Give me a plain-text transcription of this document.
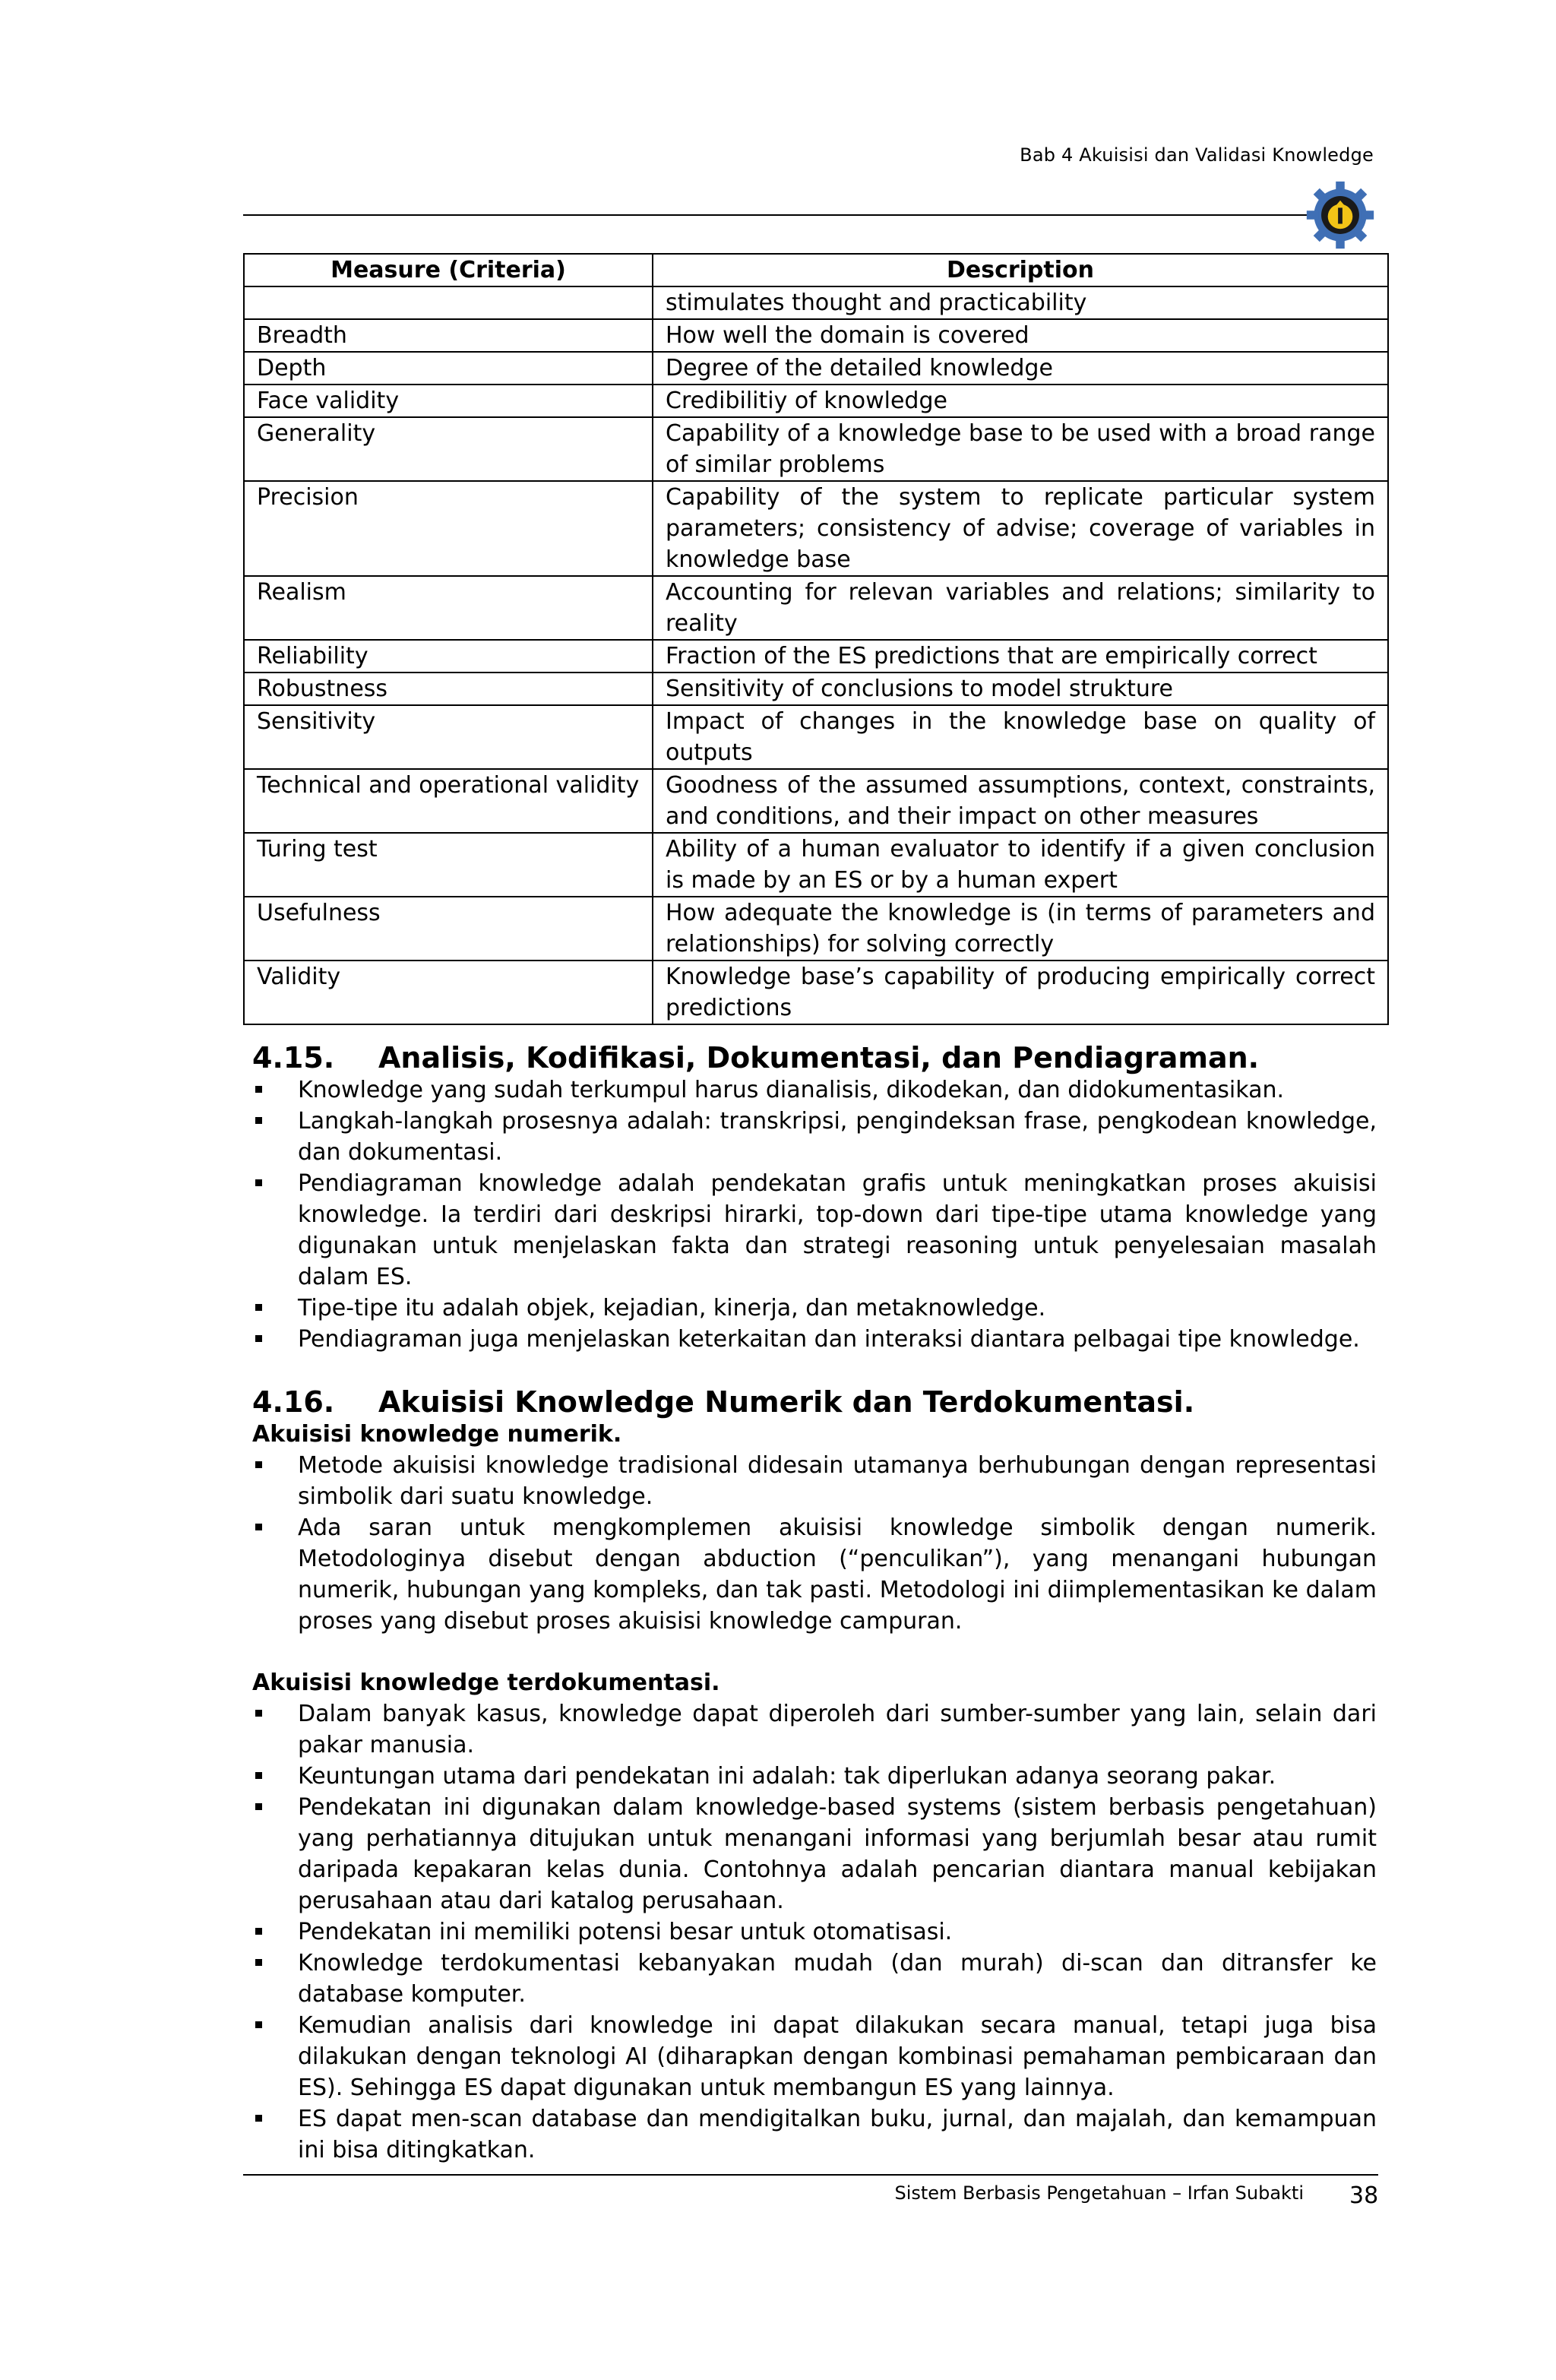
Bab 4 Akuisisi dan Validasi Knowledge
Measure (Criteria)	Description
	stimulates thought and practicability
Breadth	How well the domain is covered
Depth	Degree of the detailed knowledge
Face validity	Credibilitiy of knowledge
Generality	Capability of a knowledge base to be used with a broad range of similar problems
Precision	Capability of the system to replicate particular system parameters; consistency of advise; coverage of variables in knowledge base
Realism	Accounting for relevan variables and relations; similarity to reality
Reliability	Fraction of the ES predictions that are empirically correct
Robustness	Sensitivity of conclusions to model strukture
Sensitivity	Impact of changes in the knowledge base on quality of outputs
Technical and operational validity	Goodness of the assumed assumptions, context, constraints, and conditions, and their impact on other measures
Turing test	Ability of a human evaluator to identify if a given conclusion is made by an ES or by a human expert
Usefulness	How adequate the knowledge is (in terms of parameters and relationships) for solving correctly
Validity	Knowledge base’s capability of producing empirically correct predictions
4.15.	Analisis, Kodifikasi, Dokumentasi, dan Pendiagraman.
Knowledge yang sudah terkumpul harus dianalisis, dikodekan, dan didokumentasikan.
Langkah-langkah prosesnya adalah: transkripsi, pengindeksan frase, pengkodean knowledge, dan dokumentasi.
Pendiagraman knowledge adalah pendekatan grafis untuk meningkatkan proses akuisisi knowledge. Ia terdiri dari deskripsi hirarki, top-down dari tipe-tipe utama knowledge yang digunakan untuk menjelaskan fakta dan strategi reasoning untuk penyelesaian masalah dalam ES.
Tipe-tipe itu adalah objek, kejadian, kinerja, dan metaknowledge.
Pendiagraman juga menjelaskan keterkaitan dan interaksi diantara pelbagai tipe knowledge.
4.16.	Akuisisi Knowledge Numerik dan Terdokumentasi.
Akuisisi knowledge numerik.
Metode akuisisi knowledge tradisional didesain utamanya berhubungan dengan representasi simbolik dari suatu knowledge.
Ada saran untuk mengkomplemen akuisisi knowledge simbolik dengan numerik. Metodologinya disebut dengan abduction (“penculikan”), yang menangani hubungan numerik, hubungan yang kompleks, dan tak pasti. Metodologi ini diimplementasikan ke dalam proses yang disebut proses akuisisi knowledge campuran.
Akuisisi knowledge terdokumentasi.
Dalam banyak kasus, knowledge dapat diperoleh dari sumber-sumber yang lain, selain dari pakar manusia.
Keuntungan utama dari pendekatan ini adalah: tak diperlukan adanya seorang pakar.
Pendekatan ini digunakan dalam knowledge-based systems (sistem berbasis pengetahuan) yang perhatiannya ditujukan untuk menangani informasi yang berjumlah besar atau rumit daripada kepakaran kelas dunia. Contohnya adalah pencarian diantara manual kebijakan perusahaan atau dari katalog perusahaan.
Pendekatan ini memiliki potensi besar untuk otomatisasi.
Knowledge terdokumentasi kebanyakan mudah (dan murah) di-scan dan ditransfer ke database komputer.
Kemudian analisis dari knowledge ini dapat dilakukan secara manual, tetapi juga bisa dilakukan dengan teknologi AI (diharapkan dengan kombinasi pemahaman pembicaraan dan ES). Sehingga ES dapat digunakan untuk membangun ES yang lainnya.
ES dapat men-scan database dan mendigitalkan buku, jurnal, dan majalah, dan kemampuan ini bisa ditingkatkan.
Sistem Berbasis Pengetahuan – Irfan Subakti 38
